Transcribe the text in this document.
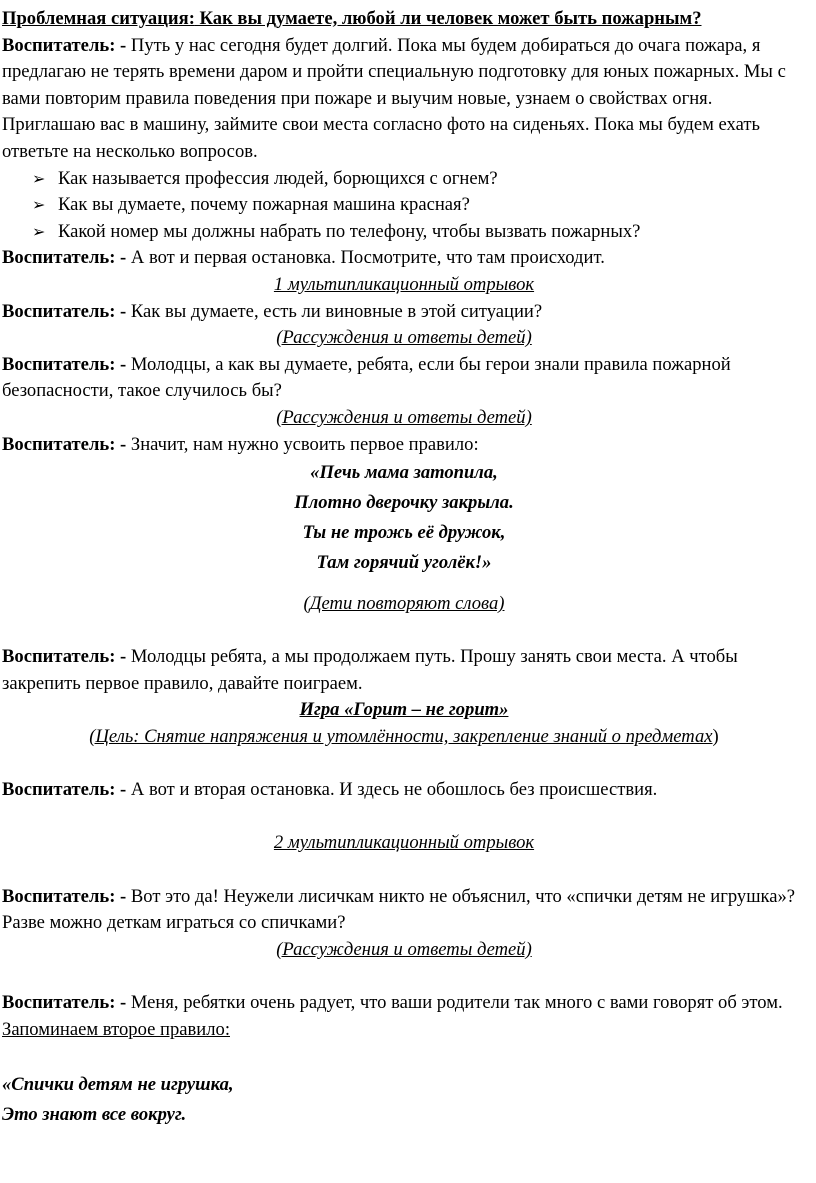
Проблемная ситуация: Как вы думаете, любой ли человек может быть пожарным?

Воспитатель: - Путь у нас сегодня будет долгий. Пока мы будем добираться до очага пожара, я предлагаю не терять времени даром и пройти специальную подготовку для юных пожарных. Мы с вами повторим правила поведения при пожаре и выучим новые, узнаем о свойствах огня. Приглашаю вас в машину, займите свои места согласно фото на сиденьях. Пока мы будем ехать ответьте на несколько вопросов.

➢ Как называется профессия людей, борющихся с огнем?
➢ Как вы думаете, почему пожарная машина красная?
➢ Какой номер мы должны набрать по телефону, чтобы вызвать пожарных?

Воспитатель: - А вот и первая остановка. Посмотрите, что там происходит.

1 мультипликационный отрывок

Воспитатель: - Как вы думаете, есть ли виновные в этой ситуации?

(Рассуждения и ответы детей)

Воспитатель: - Молодцы, а как вы думаете, ребята, если бы герои знали правила пожарной безопасности, такое случилось бы?

(Рассуждения и ответы детей)

Воспитатель: - Значит, нам нужно усвоить первое правило:

«Печь мама затопила,

Плотно дверочку закрыла.

Ты не трожь её дружок,

Там горячий уголёк!»

(Дети повторяют слова)

Воспитатель: - Молодцы ребята, а мы продолжаем путь. Прошу занять свои места. А чтобы закрепить первое правило, давайте поиграем.

Игра «Горит – не горит»

(Цель: Снятие напряжения и утомлённости, закрепление знаний о предметах)

Воспитатель: - А вот и вторая остановка. И здесь не обошлось без происшествия.

2 мультипликационный отрывок

Воспитатель: - Вот это да! Неужели лисичкам никто не объяснил, что «спички детям не игрушка»? Разве можно деткам играться со спичками?

(Рассуждения и ответы детей)

Воспитатель: - Меня, ребятки очень радует, что ваши родители так много с вами говорят об этом. Запоминаем второе правило:

«Спички детям не игрушка,

Это знают все вокруг.
